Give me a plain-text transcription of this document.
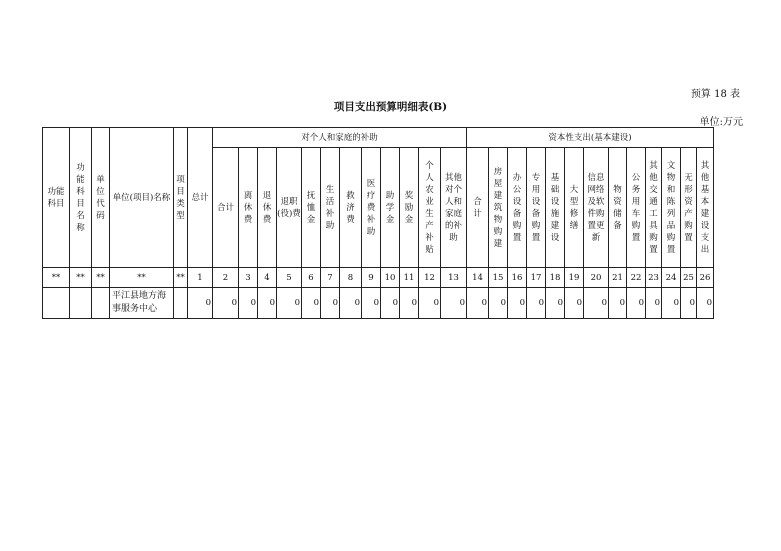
预算 18 表
项目支出预算明细表(B)
单位:万元
功能科目	功能科目名称	单位代码	单位(项目)名称	项目类型	总计	对个人和家庭的补助												资本性支出(基本建设)												
						合计	离休费	退休费	退职(役)费	抚恤金	生活补助	救济费	医疗费补助	助学金	奖励金	个人农业生产补贴	其他对个人和家庭的补助	合计	房屋建筑物购建	办公设备购置	专用设备购置	基础设施建设	大型修缮	信息网络及软件购置更新	物资储备	公务用车购置	其他交通工具购置	文物和陈列品购置	无形资产购置	其他基本建设支出
**	**	**	**	**	1	2	3	4	5	6	7	8	9	10	11	12	13	14	15	16	17	18	19	20	21	22	23	24	25	26
			平江县地方海事服务中心		0	0	0	0	0	0	0	0	0	0	0	0	0	0	0	0	0	0	0	0	0	0	0	0	0	0
